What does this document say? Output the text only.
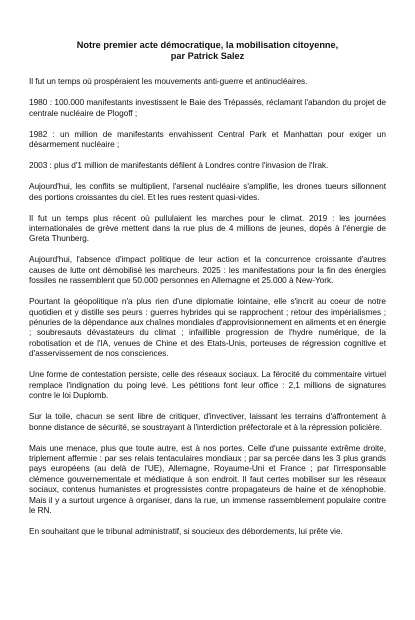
Notre premier acte démocratique, la mobilisation citoyenne,
par Patrick Salez

Il fut un temps où prospéraient les mouvements anti-guerre et antinucléaires.

1980 : 100.000 manifestants investissent le Baie des Trépassés, réclamant l'abandon du projet de centrale nucléaire de Plogoff ;

1982 : un million de manifestants envahissent Central Park et Manhattan pour exiger un désarmement nucléaire ;

2003 : plus d'1 million de manifestants défilent à Londres contre l'invasion de l'Irak.

Aujourd'hui, les conflits se multiplient, l'arsenal nucléaire s'amplifie, les drones tueurs sillonnent des portions croissantes du ciel. Et les rues restent quasi-vides.

Il fut un temps plus récent où pullulaient les marches pour le climat. 2019 : les journées internationales de grève mettent dans la rue plus de 4 millions de jeunes, dopés à l'énergie de Greta Thunberg.

Aujourd'hui, l'absence d'impact politique de leur action et la concurrence croissante d'autres causes de lutte ont démobilisé les marcheurs. 2025 : les manifestations pour la fin des énergies fossiles ne rassemblent que 50.000 personnes en Allemagne et 25.000 à New-York.

Pourtant la géopolitique n'a plus rien d'une diplomatie lointaine, elle s'incrit au coeur de notre quotidien et y distille ses peurs : guerres hybrides qui se rapprochent ; retour des impérialismes ; pénuries de la dépendance aux chaînes mondiales d'approvisionnement en aliments et en énergie ; soubresauts dévastateurs du climat ; infaillible progression de l'hydre numérique, de la robotisation et de l'IA, venues de Chine et des Etats-Unis, porteuses de régression cognitive et d'asservissement de nos consciences.

Une forme de contestation persiste, celle des réseaux sociaux. La férocité du commentaire virtuel remplace l'indignation du poing levé. Les pétitions font leur office : 2,1 millions de signatures contre le loi Duplomb.

Sur la toile, chacun se sent libre de critiquer, d'invectiver, laissant les terrains d'affrontement à bonne distance de sécurité, se soustrayant à l'interdiction préfectorale et à la répression policière.

Mais une menace, plus que toute autre, est à nos portes. Celle d'une puissante extrême droite, triplement affermie : par ses relais tentaculaires mondiaux ; par sa percée dans les 3 plus grands pays européens (au delà de l'UE), Allemagne, Royaume-Uni et France ; par l'irresponsable clémence gouvernementale et médiatique à son endroit. Il faut certes mobiliser sur les réseaux sociaux, contenus humanistes et progressistes contre propagateurs de haine et de xénophobie. Mais il y a surtout urgence à organiser, dans la rue, un immense rassemblement populaire contre le RN.

En souhaitant que le tribunal administratif, si soucieux des débordements, lui prête vie.
